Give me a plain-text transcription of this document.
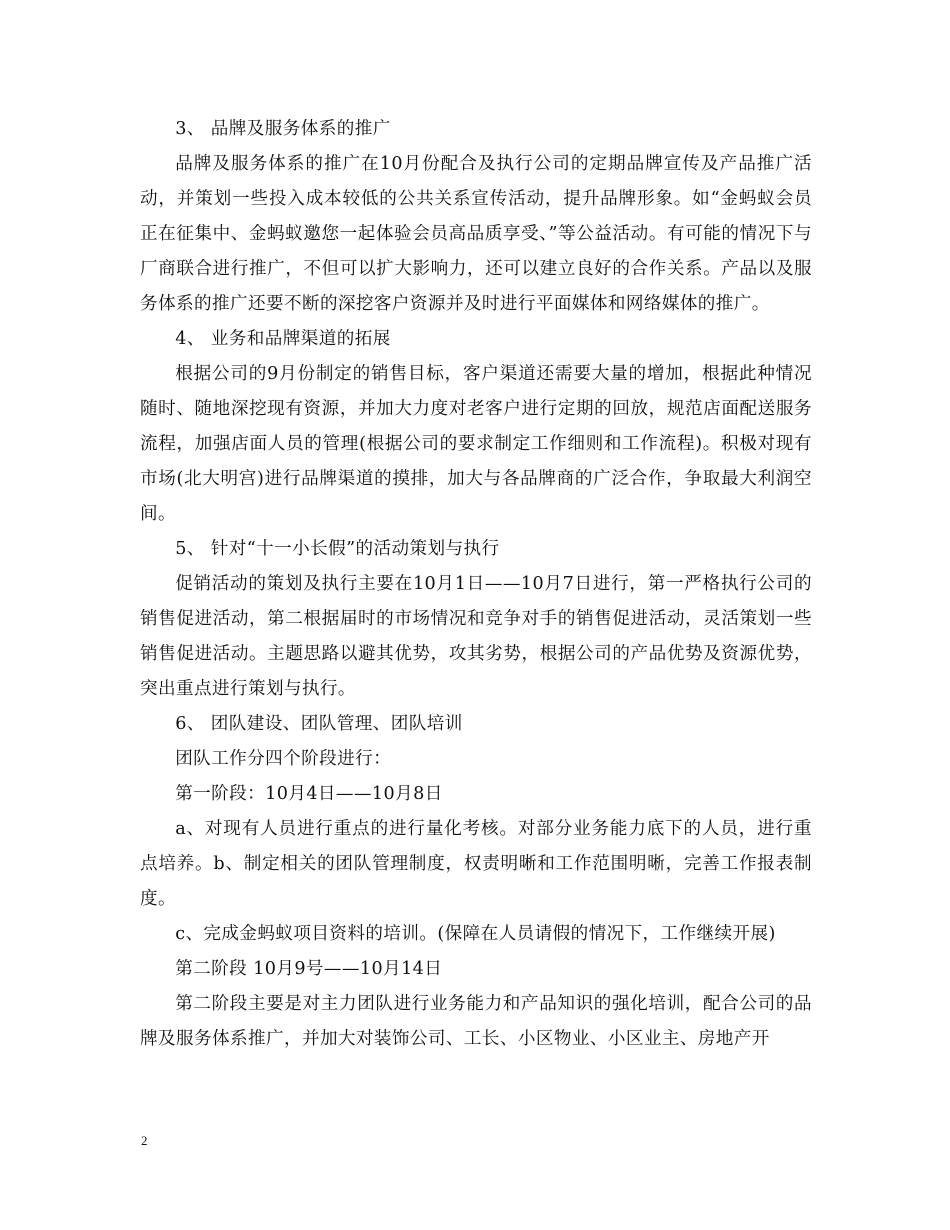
3、 品牌及服务体系的推广

品牌及服务体系的推广在10月份配合及执行公司的定期品牌宣传及产品推广活动，并策划一些投入成本较低的公共关系宣传活动，提升品牌形象。如“金蚂蚁会员正在征集中、金蚂蚁邀您一起体验会员高品质享受、”等公益活动。有可能的情况下与厂商联合进行推广，不但可以扩大影响力，还可以建立良好的合作关系。产品以及服务体系的推广还要不断的深挖客户资源并及时进行平面媒体和网络媒体的推广。

4、 业务和品牌渠道的拓展

根据公司的9月份制定的销售目标，客户渠道还需要大量的增加，根据此种情况随时、随地深挖现有资源，并加大力度对老客户进行定期的回放，规范店面配送服务流程，加强店面人员的管理(根据公司的要求制定工作细则和工作流程)。积极对现有市场(北大明宫)进行品牌渠道的摸排，加大与各品牌商的广泛合作，争取最大利润空间。

5、 针对“十一小长假”的活动策划与执行

促销活动的策划及执行主要在10月1日——10月7日进行，第一严格执行公司的销售促进活动，第二根据届时的市场情况和竞争对手的销售促进活动，灵活策划一些销售促进活动。主题思路以避其优势，攻其劣势，根据公司的产品优势及资源优势，突出重点进行策划与执行。

6、 团队建设、团队管理、团队培训

团队工作分四个阶段进行：

第一阶段：10月4日——10月8日

a、对现有人员进行重点的进行量化考核。对部分业务能力底下的人员，进行重点培养。b、制定相关的团队管理制度，权责明晰和工作范围明晰，完善工作报表制度。

c、完成金蚂蚁项目资料的培训。(保障在人员请假的情况下，工作继续开展)

第二阶段 10月9号——10月14日

第二阶段主要是对主力团队进行业务能力和产品知识的强化培训，配合公司的品牌及服务体系推广，并加大对装饰公司、工长、小区物业、小区业主、房地产开

2
